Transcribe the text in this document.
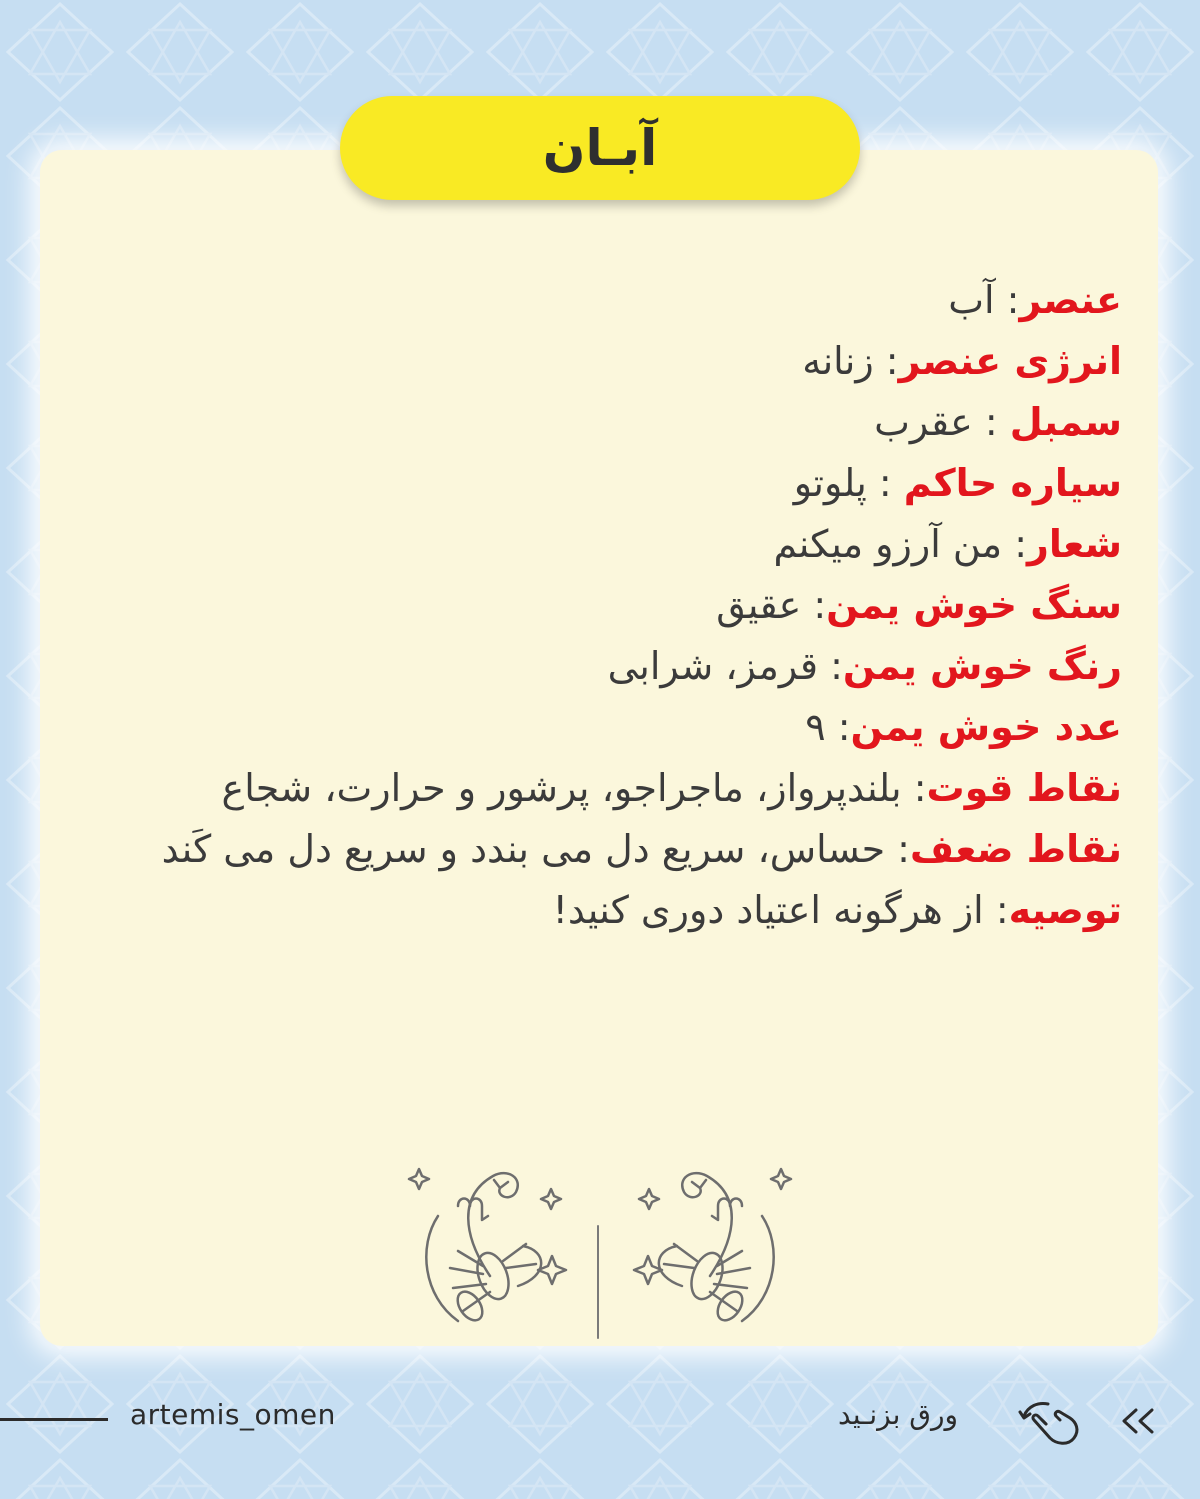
آبـان
عنصر: آب
انرژی عنصر: زنانه
سمبل : عقرب
سیاره حاکم : پلوتو
شعار: من آرزو میکنم
سنگ خوش یمن: عقیق
رنگ خوش یمن: قرمز، شرابی
عدد خوش یمن: ۹
نقاط قوت: بلندپرواز، ماجراجو، پرشور و حرارت، شجاع
نقاط ضعف: حساس، سریع دل می بندد و سریع دل می کَند
توصیه: از هرگونه اعتیاد دوری کنید!
artemis_omen	ورق بزنـید
